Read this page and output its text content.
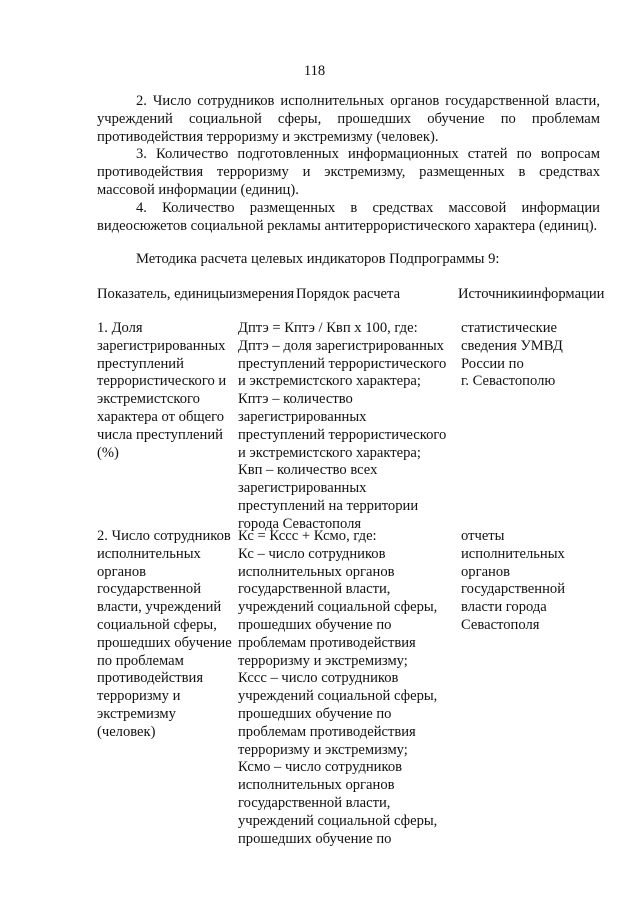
118

2. Число сотрудников исполнительных органов государственной власти, учреждений социальной сферы, прошедших обучение по проблемам противодействия терроризму и экстремизму (человек).

3. Количество подготовленных информационных статей по вопросам противодействия терроризму и экстремизму, размещенных в средствах массовой информации (единиц).

4. Количество размещенных в средствах массовой информации видеосюжетов социальной рекламы антитеррористического характера (единиц).

Методика расчета целевых индикаторов Подпрограммы 9:
Показатель, единицыизмерения Порядок расчета	Источникиинформации
1. Доля
зарегистрированных
преступлений
террористического и
экстремистского
характера от общего
числа преступлений
(%)
Дптэ = Кптэ / Квп х 100, где:
Дптэ – доля зарегистрированных
преступлений террористического
и экстремистского характера;
Кптэ – количество
зарегистрированных
преступлений террористического
и экстремистского характера;
Квп – количество всех
зарегистрированных
преступлений на территории
города Севастополя
статистические
сведения УМВД
России по
г. Севастополю
2. Число сотрудников
исполнительных
органов
государственной
власти, учреждений
социальной сферы,
прошедших обучение
по проблемам
противодействия
терроризму и
экстремизму
(человек)
Кс = Кссс + Ксмо, где:
Кс – число сотрудников
исполнительных органов
государственной власти,
учреждений социальной сферы,
прошедших обучение по
проблемам противодействия
терроризму и экстремизму;
Кссс – число сотрудников
учреждений социальной сферы,
прошедших обучение по
проблемам противодействия
терроризму и экстремизму;
Ксмо – число сотрудников
исполнительных органов
государственной власти,
учреждений социальной сферы,
прошедших обучение по
отчеты
исполнительных
органов
государственной
власти города
Севастополя
